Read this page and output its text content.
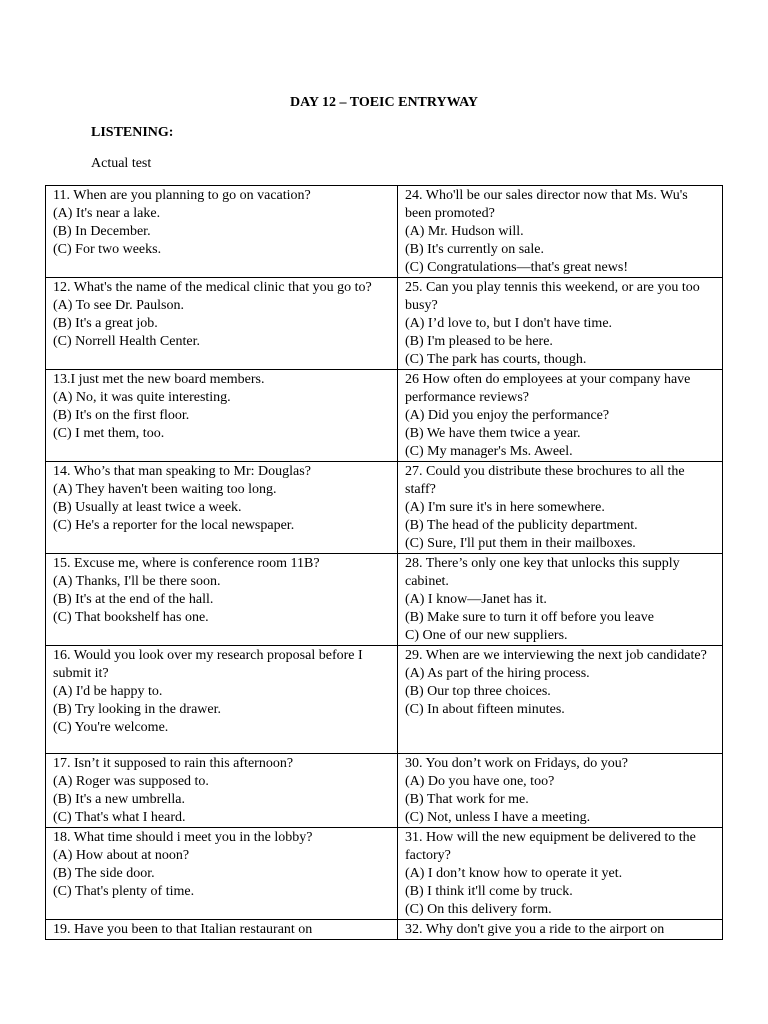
DAY 12 – TOEIC ENTRYWAY
LISTENING:
Actual test
11. When are you planning to go on vacation?
(A) It's near a lake.
(B) In December.
(C) For two weeks.	24. Who'll be our sales director now that Ms. Wu's been promoted?
(A) Mr. Hudson will.
(B) It's currently on sale.
(C) Congratulations—that's great news!

12. What's the name of the medical clinic that you go to?
(A) To see Dr. Paulson.
(B) It's a great job.
(C) Norrell Health Center.	25. Can you play tennis this weekend, or are you too busy?
(A) I’d love to, but I don't have time.
(B) I'm pleased to be here.
(C) The park has courts, though.

13.I just met the new board members.
(A) No, it was quite interesting.
(B) It's on the first floor.
(C) I met them, too.	26 How often do employees at your company have performance reviews?
(A) Did you enjoy the performance?
(B) We have them twice a year.
(C) My manager's Ms. Aweel.

14. Who’s that man speaking to Mr: Douglas?
(A) They haven't been waiting too long.
(B) Usually at least twice a week.
(C) He's a reporter for the local newspaper.	27. Could you distribute these brochures to all the staff?
(A) I'm sure it's in here somewhere.
(B) The head of the publicity department.
(C) Sure, I'll put them in their mailboxes.

15. Excuse me, where is conference room 11B?
(A) Thanks, I'll be there soon.
(B) It's at the end of the hall.
(C) That bookshelf has one.	28. There’s only one key that unlocks this supply cabinet.
(A) I know—Janet has it.
(B) Make sure to turn it off before you leave
C) One of our new suppliers.

16. Would you look over my research proposal before I submit it?
(A) I'd be happy to.
(B) Try looking in the drawer.
(C) You're welcome.	29. When are we interviewing the next job candidate?
(A) As part of the hiring process.
(B) Our top three choices.
(C) In about fifteen minutes.

17. Isn’t it supposed to rain this afternoon?
(A) Roger was supposed to.
(B) It's a new umbrella.
(C) That's what I heard.	30. You don’t work on Fridays, do you?
(A) Do you have one, too?
(B) That work for me.
(C) Not, unless I have a meeting.

18. What time should i meet you in the lobby?
(A) How about at noon?
(B) The side door.
(C) That's plenty of time.	31. How will the new equipment be delivered to the factory?
(A) I don’t know how to operate it yet.
(B) I think it'll come by truck.
(C) On this delivery form.

19. Have you been to that Italian restaurant on	32. Why don't give you a ride to the airport on
